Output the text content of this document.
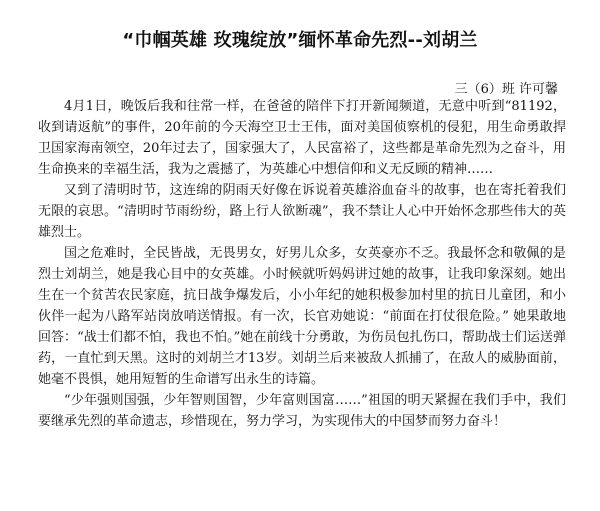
“巾帼英雄 玫瑰绽放”缅怀革命先烈--刘胡兰
三（6）班 许可馨

4月1日，晚饭后我和往常一样，在爸爸的陪伴下打开新闻频道，无意中听到“81192，收到请返航”的事件，20年前的今天海空卫士王伟，面对美国侦察机的侵犯，用生命勇敢捍卫国家海南领空，20年过去了，国家强大了，人民富裕了，这些都是革命先烈为之奋斗，用生命换来的幸福生活，我为之震撼了，为英雄心中想信仰和义无反顾的精神……

又到了清明时节，这连绵的阴雨天好像在诉说着英雄浴血奋斗的故事，也在寄托着我们无限的哀思。“清明时节雨纷纷，路上行人欲断魂”，我不禁让人心中开始怀念那些伟大的英雄烈士。

国之危难时，全民皆战，无畏男女，好男儿众多，女英豪亦不乏。我最怀念和敬佩的是烈士刘胡兰，她是我心目中的女英雄。小时候就听妈妈讲过她的故事，让我印象深刻。她出生在一个贫苦农民家庭，抗日战争爆发后，小小年纪的她积极参加村里的抗日儿童团，和小伙伴一起为八路军站岗放哨送情报。有一次，长官劝她说：“前面在打仗很危险。” 她果敢地回答：“战士们都不怕，我也不怕。”她在前线十分勇敢，为伤员包扎伤口，帮助战士们运送弹药，一直忙到天黑。这时的刘胡兰才13岁。刘胡兰后来被敌人抓捕了，在敌人的威胁面前，她毫不畏惧，她用短暂的生命谱写出永生的诗篇。

“少年强则国强，少年智则国智，少年富则国富……”祖国的明天紧握在我们手中，我们要继承先烈的革命遗志，珍惜现在，努力学习，为实现伟大的中国梦而努力奋斗！
